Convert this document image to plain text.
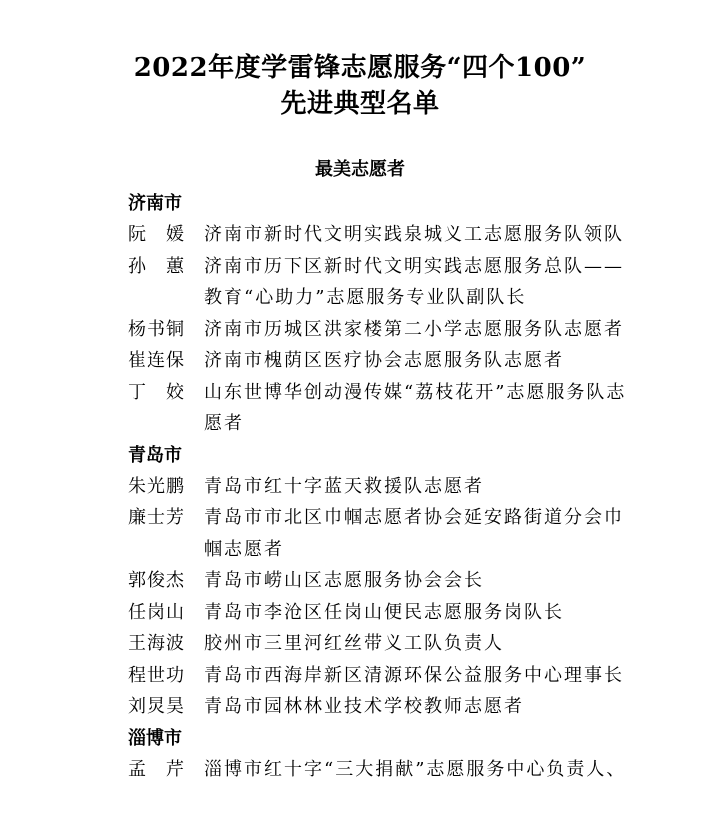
2022年度学雷锋志愿服务“四个100”
先进典型名单
最美志愿者
济南市
阮　媛	济南市新时代文明实践泉城义工志愿服务队领队
孙　蕙	济南市历下区新时代文明实践志愿服务总队——教育“心助力”志愿服务专业队副队长
杨书铜	济南市历城区洪家楼第二小学志愿服务队志愿者
崔连保	济南市槐荫区医疗协会志愿服务队志愿者
丁　姣	山东世博华创动漫传媒“荔枝花开”志愿服务队志愿者
青岛市
朱光鹏	青岛市红十字蓝天救援队志愿者
廉士芳	青岛市市北区巾帼志愿者协会延安路街道分会巾帼志愿者
郭俊杰	青岛市崂山区志愿服务协会会长
任岗山	青岛市李沧区任岗山便民志愿服务岗队长
王海波	胶州市三里河红丝带义工队负责人
程世功	青岛市西海岸新区清源环保公益服务中心理事长
刘炅昊	青岛市园林林业技术学校教师志愿者
淄博市
孟　芹	淄博市红十字“三大捐献”志愿服务中心负责人、
